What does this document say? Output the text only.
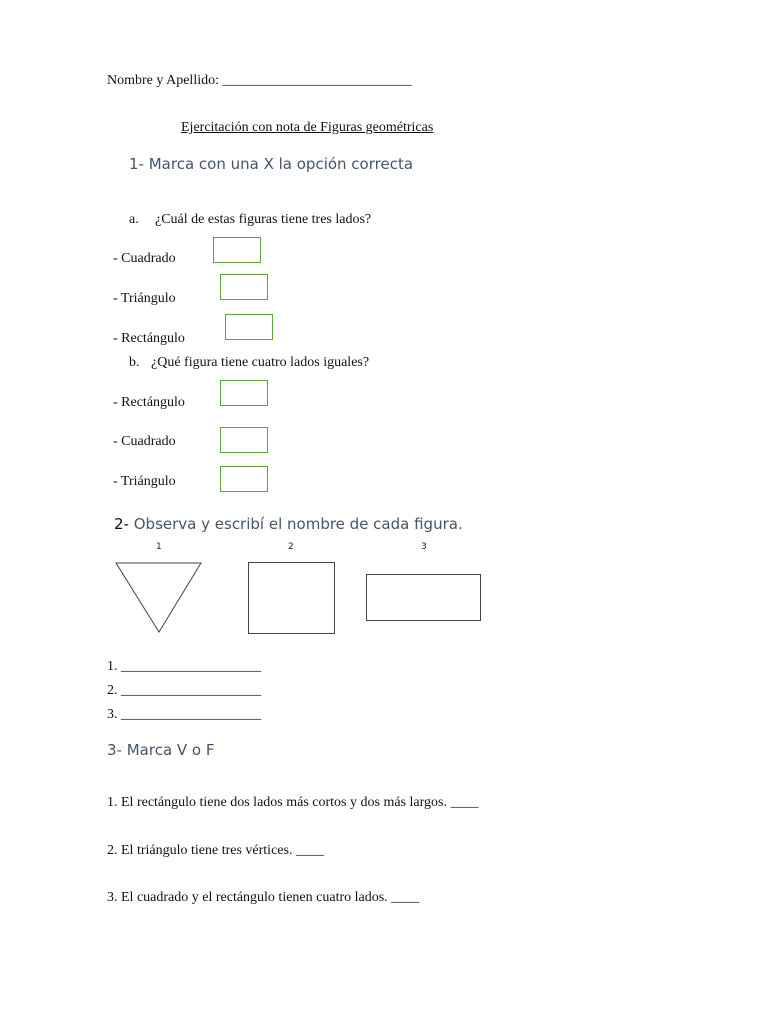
Nombre y Apellido: ___________________________
Ejercitación con nota de Figuras geométricas
1- Marca con una X la opción correcta
a. ¿Cuál de estas figuras tiene tres lados?
- Cuadrado
- Triángulo
- Rectángulo
b. ¿Qué figura tiene cuatro lados iguales?
- Rectángulo
- Cuadrado
- Triángulo
2- Observa y escribí el nombre de cada figura.
1	2	3
1. ____________________
2. ____________________
3. ____________________
3- Marca V o F
1. El rectángulo tiene dos lados más cortos y dos más largos. ____
2. El triángulo tiene tres vértices. ____
3. El cuadrado y el rectángulo tienen cuatro lados. ____
